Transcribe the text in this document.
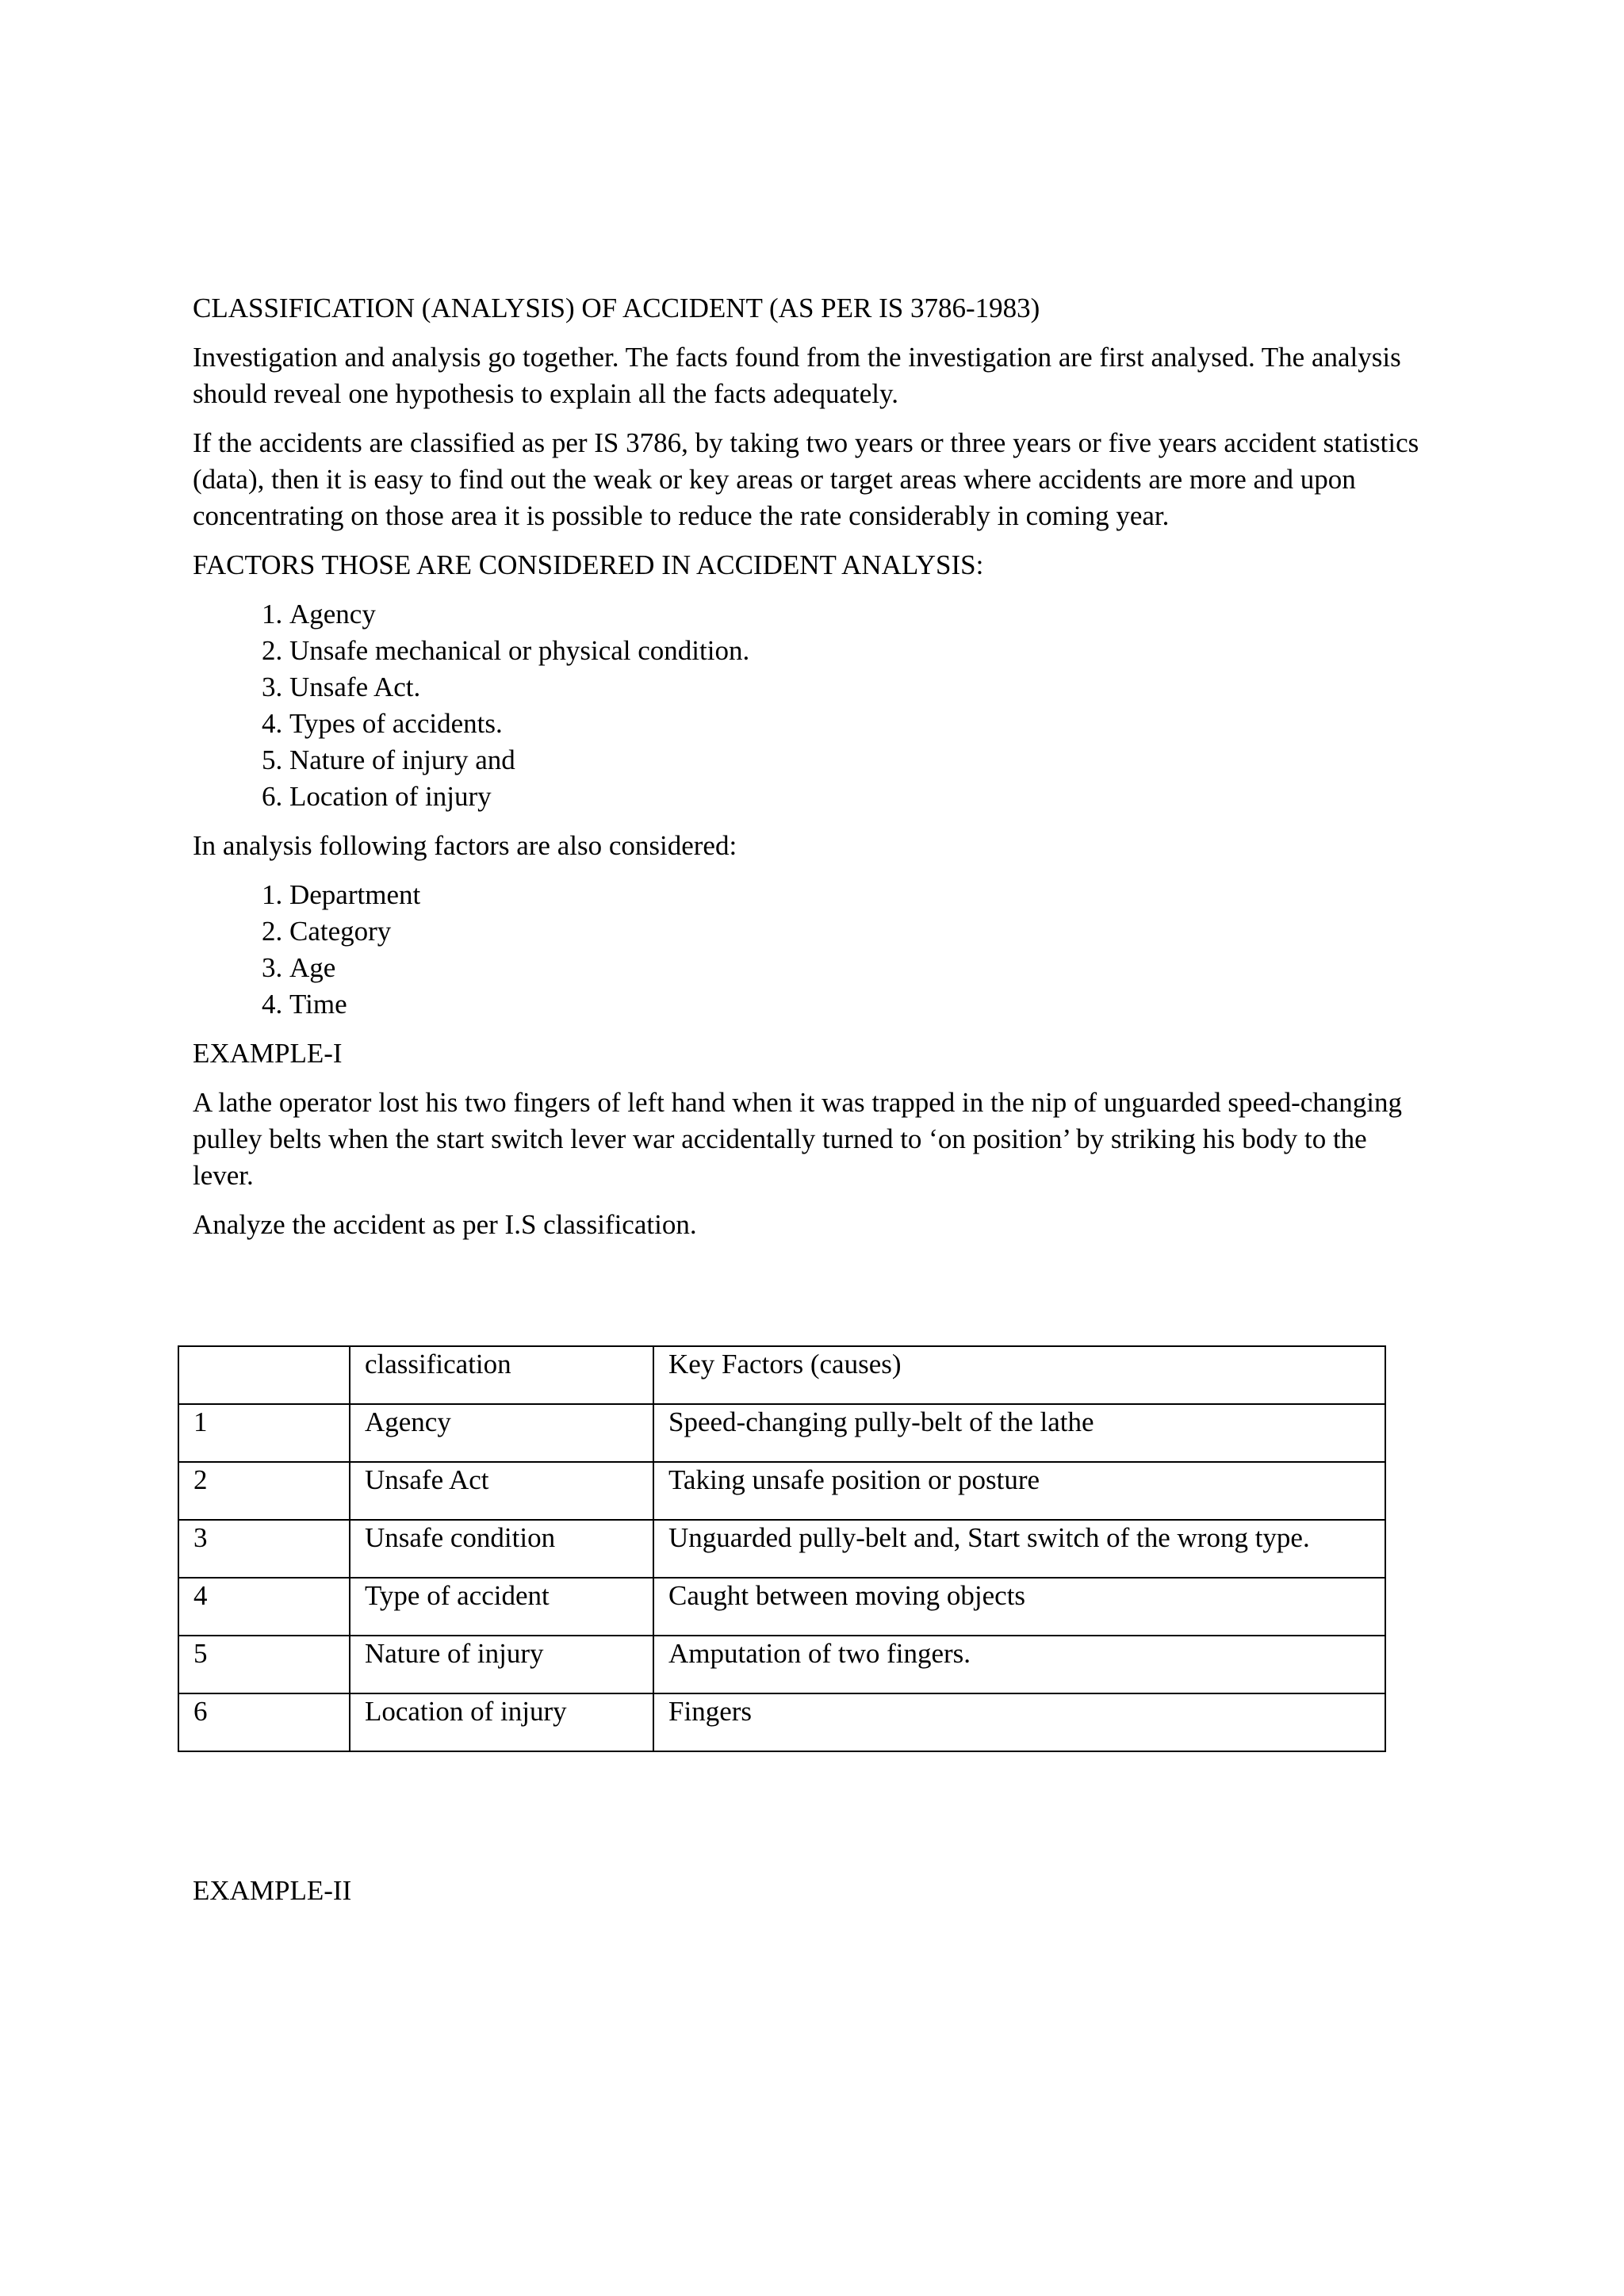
CLASSIFICATION (ANALYSIS) OF ACCIDENT (AS PER IS 3786-1983)

Investigation and analysis go together. The facts found from the investigation are first analysed. The analysis should reveal one hypothesis to explain all the facts adequately.

If the accidents are classified as per IS 3786, by taking two years or three years or five years accident statistics (data), then it is easy to find out the weak or key areas or target areas where accidents are more and upon concentrating on those area it is possible to reduce the rate considerably in coming year.

FACTORS THOSE ARE CONSIDERED IN ACCIDENT ANALYSIS:

1. Agency
2. Unsafe mechanical or physical condition.
3. Unsafe Act.
4. Types of accidents.
5. Nature of injury and
6. Location of injury

In analysis following factors are also considered:

1. Department
2. Category
3. Age
4. Time

EXAMPLE-I

A lathe operator lost his two fingers of left hand when it was trapped in the nip of unguarded speed-changing pulley belts when the start switch lever war accidentally turned to ‘on position’ by striking his body to the lever.

Analyze the accident as per I.S classification.

	classification	Key Factors (causes)
1	Agency	Speed-changing pully-belt of the lathe
2	Unsafe Act	Taking unsafe position or posture
3	Unsafe condition	Unguarded pully-belt and, Start switch of the wrong type.
4	Type of accident	Caught between moving objects
5	Nature of injury	Amputation of two fingers.
6	Location of injury	Fingers
EXAMPLE-II
